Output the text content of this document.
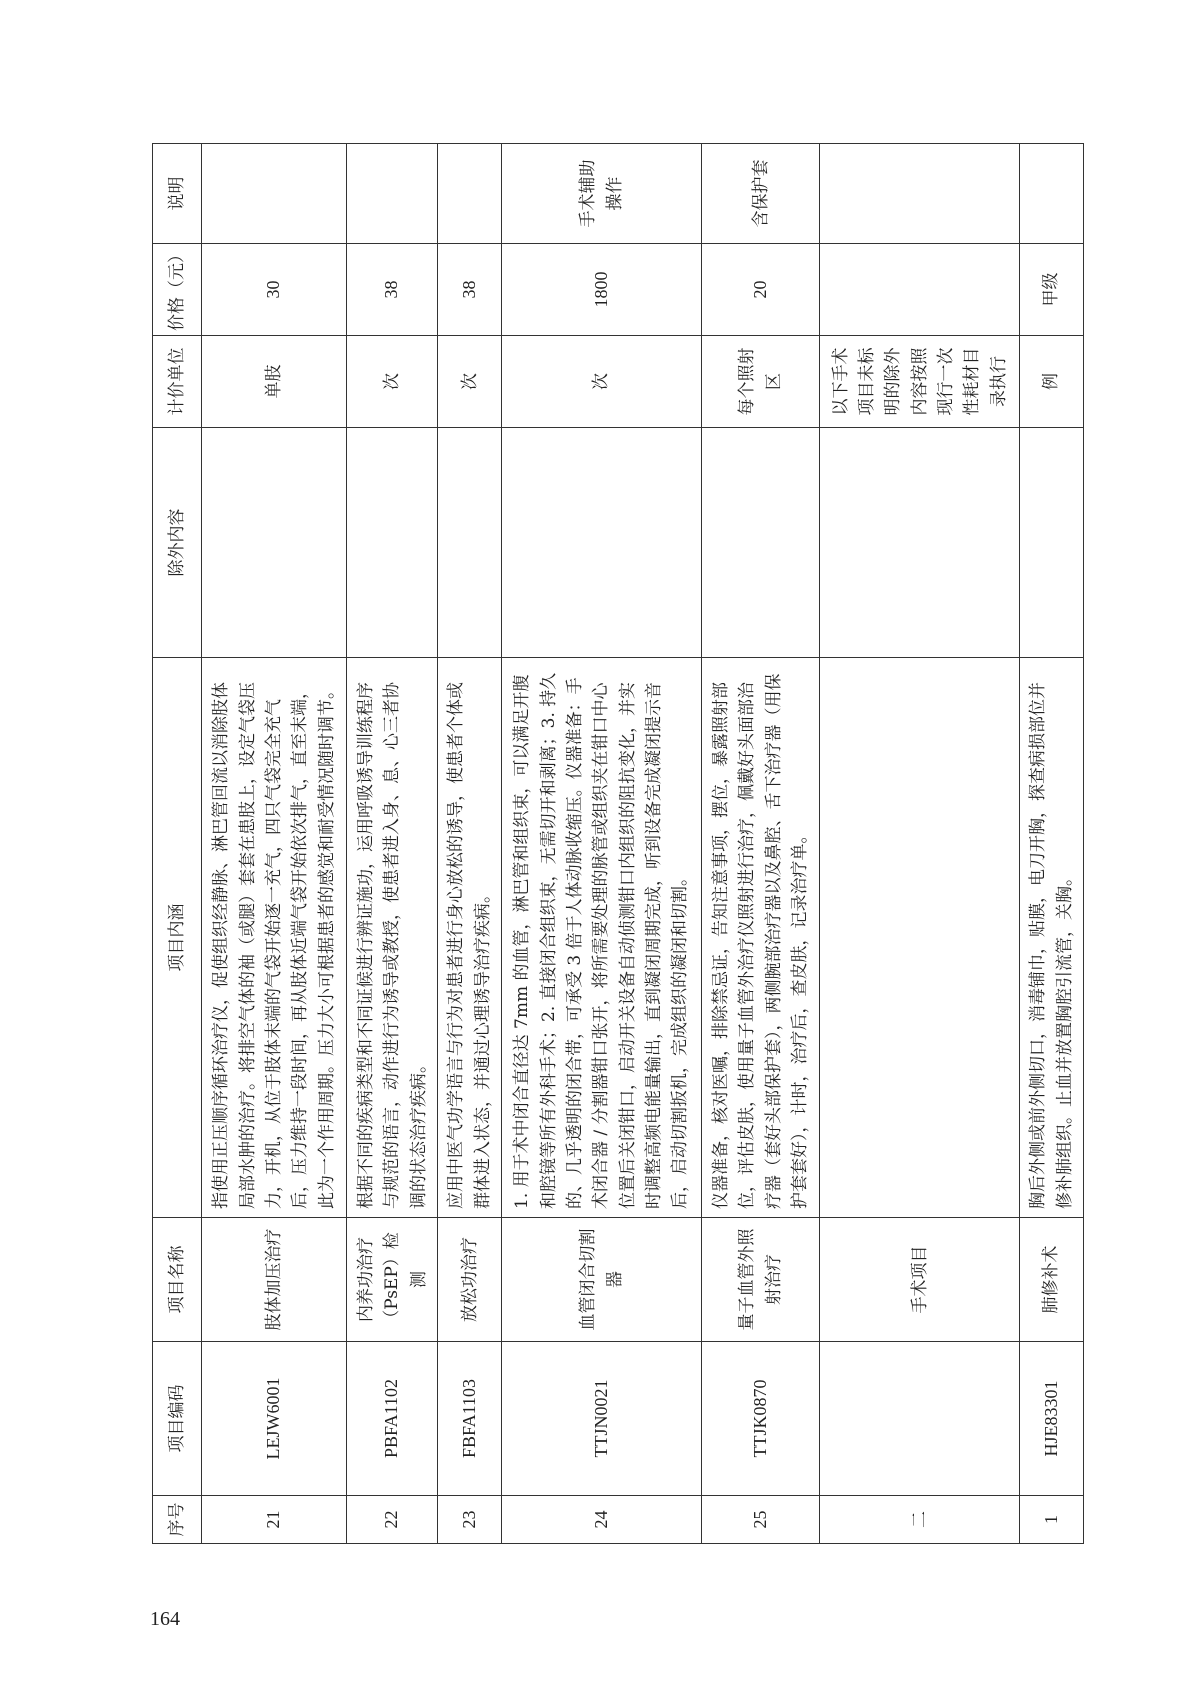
164
序号	项目编码	项目名称	项目内涵	除外内容	计价单位	价格（元）	说明
21	LEJW6001	肢体加压治疗	指使用正压顺序循环治疗仪，促使组织经静脉、淋巴管回流以消除肢体局部水肿的治疗。将排空气体的袖（或腿）套套在患肢上，设定气袋压力，开机，从位于肢体末端的气袋开始逐一充气，四只气袋完全充气后，压力维持一段时间，再从肢体近端气袋开始依次排气，直至末端，此为一个作用周期。压力大小可根据患者的感觉和耐受情况随时调节。		单肢	30	
22	PBFA1102	内养功治疗（PsEP）检测	根据不同的疾病类型和不同证候进行辨证施功，运用呼吸诱导训练程序与规范的语言，动作进行为诱导或教授，使患者进入身、息、心三者协调的状态治疗疾病。		次	38	
23	FBFA1103	放松功治疗	应用中医气功学语言与行为对患者进行身心放松的诱导，使患者个体或群体进入状态，并通过心理诱导治疗疾病。		次	38	
24	TTJN0021	血管闭合切割器	1. 用于术中闭合直径达 7mm 的血管，淋巴管和组织束，可以满足开腹和腔镜等所有外科手术；2. 直接闭合组织束，无需切开和剥离；3. 持久的、几乎透明的闭合带，可承受 3 倍于人体动脉收缩压。仪器准备：手术闭合器 / 分割器钳口张开，将所需要处理的脉管或组织夹在钳口中心位置后关闭钳口，启动开关设备自动侦测钳口内组织的阻抗变化，并实时调整高频电能量输出，直到凝闭周期完成，听到设备完成凝闭提示音后，启动切割扳机，完成组织的凝闭和切割。		次	1800	手术辅助操作
25	TTJK0870	量子血管外照射治疗	仪器准备，核对医嘱，排除禁忌证，告知注意事项，摆位，暴露照射部位，评估皮肤，使用量子血管外治疗仪照射进行治疗，佩戴好头面部治疗器（套好头部保护套），两侧腕部治疗器以及鼻腔、舌下治疗器（用保护套套好），计时，治疗后，查皮肤，记录治疗单。		每个照射区	20	含保护套
二		手术项目			以下手术项目未标明的除外内容按照现行一次性耗材目录执行		
1	HJE83301	肺修补术	胸后外侧或前外侧切口，消毒铺巾，贴膜，电刀开胸，探查病损部位并修补肺组织。止血并放置胸腔引流管，关胸。		例	甲级	
